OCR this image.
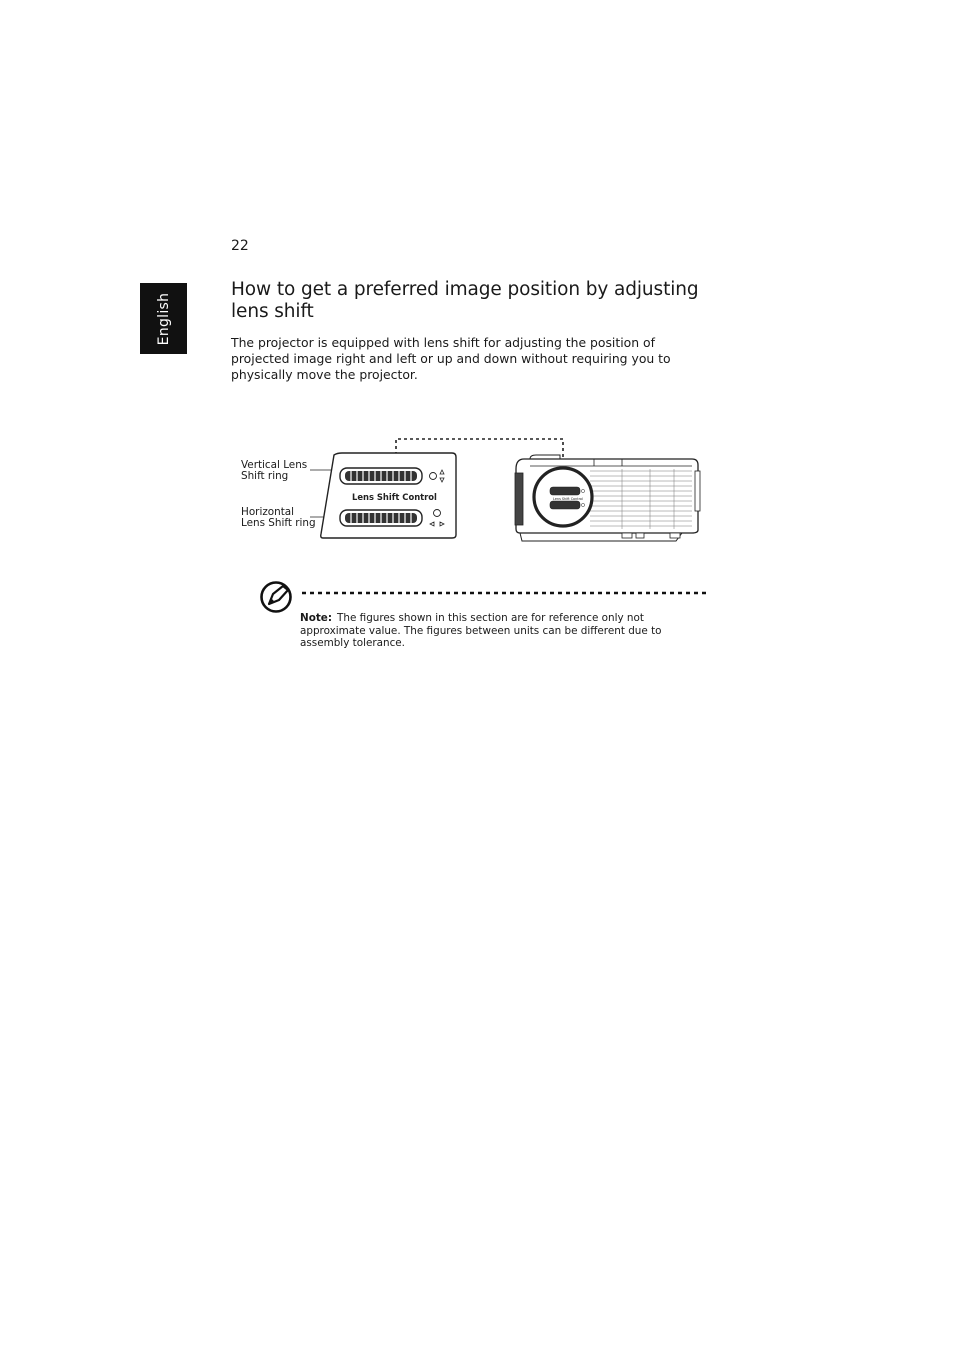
22
English
How to get a preferred image position by adjusting lens shift

The projector is equipped with lens shift for adjusting the position of projected image right and left or up and down without requiring you to physically move the projector.

Vertical Lens
Shift ring
Horizontal
Lens Shift ring
Lens Shift Control	Lens Shift Control

Note: The figures shown in this section are for reference only not approximate value. The figures between units can be different due to assembly tolerance.
